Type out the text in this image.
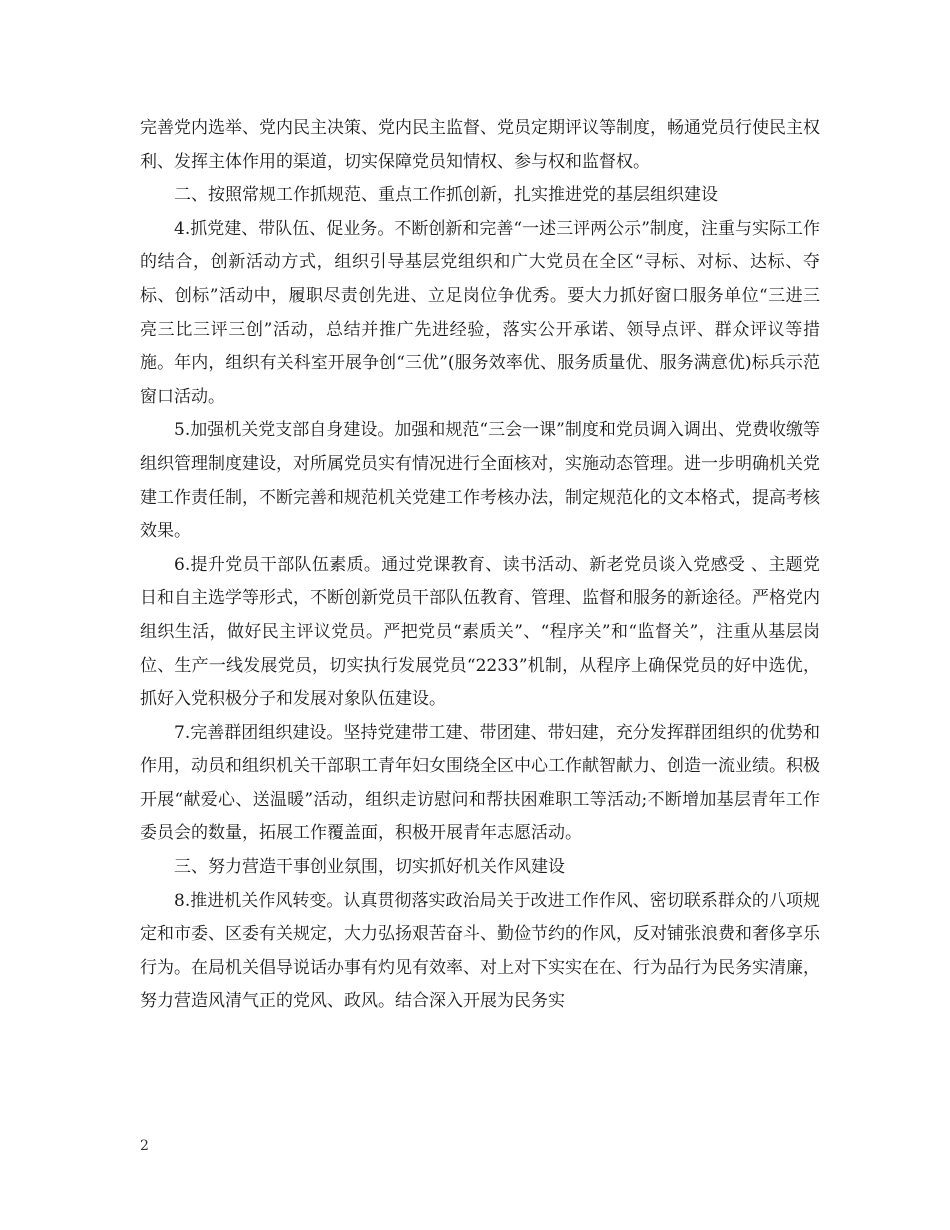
完善党内选举、党内民主决策、党内民主监督、党员定期评议等制度，畅通党员行使民主权利、发挥主体作用的渠道，切实保障党员知情权、参与权和监督权。

二、按照常规工作抓规范、重点工作抓创新，扎实推进党的基层组织建设

4.抓党建、带队伍、促业务。不断创新和完善“一述三评两公示”制度，注重与实际工作的结合，创新活动方式，组织引导基层党组织和广大党员在全区“寻标、对标、达标、夺标、创标”活动中，履职尽责创先进、立足岗位争优秀。要大力抓好窗口服务单位“三进三亮三比三评三创”活动，总结并推广先进经验，落实公开承诺、领导点评、群众评议等措施。年内，组织有关科室开展争创“三优”(服务效率优、服务质量优、服务满意优)标兵示范窗口活动。

5.加强机关党支部自身建设。加强和规范“三会一课”制度和党员调入调出、党费收缴等组织管理制度建设，对所属党员实有情况进行全面核对，实施动态管理。进一步明确机关党建工作责任制，不断完善和规范机关党建工作考核办法，制定规范化的文本格式，提高考核效果。

6.提升党员干部队伍素质。通过党课教育、读书活动、新老党员谈入党感受 、主题党日和自主选学等形式，不断创新党员干部队伍教育、管理、监督和服务的新途径。严格党内组织生活，做好民主评议党员。严把党员“素质关”、“程序关”和“监督关”，注重从基层岗位、生产一线发展党员，切实执行发展党员“2233”机制，从程序上确保党员的好中选优，抓好入党积极分子和发展对象队伍建设。

7.完善群团组织建设。坚持党建带工建、带团建、带妇建，充分发挥群团组织的优势和作用，动员和组织机关干部职工青年妇女围绕全区中心工作献智献力、创造一流业绩。积极开展“献爱心、送温暖”活动，组织走访慰问和帮扶困难职工等活动;不断增加基层青年工作委员会的数量，拓展工作覆盖面，积极开展青年志愿活动。

三、努力营造干事创业氛围，切实抓好机关作风建设

8.推进机关作风转变。认真贯彻落实政治局关于改进工作作风、密切联系群众的八项规定和市委、区委有关规定，大力弘扬艰苦奋斗、勤俭节约的作风，反对铺张浪费和奢侈享乐行为。在局机关倡导说话办事有灼见有效率、对上对下实实在在、行为品行为民务实清廉，努力营造风清气正的党风、政风。结合深入开展为民务实

2
